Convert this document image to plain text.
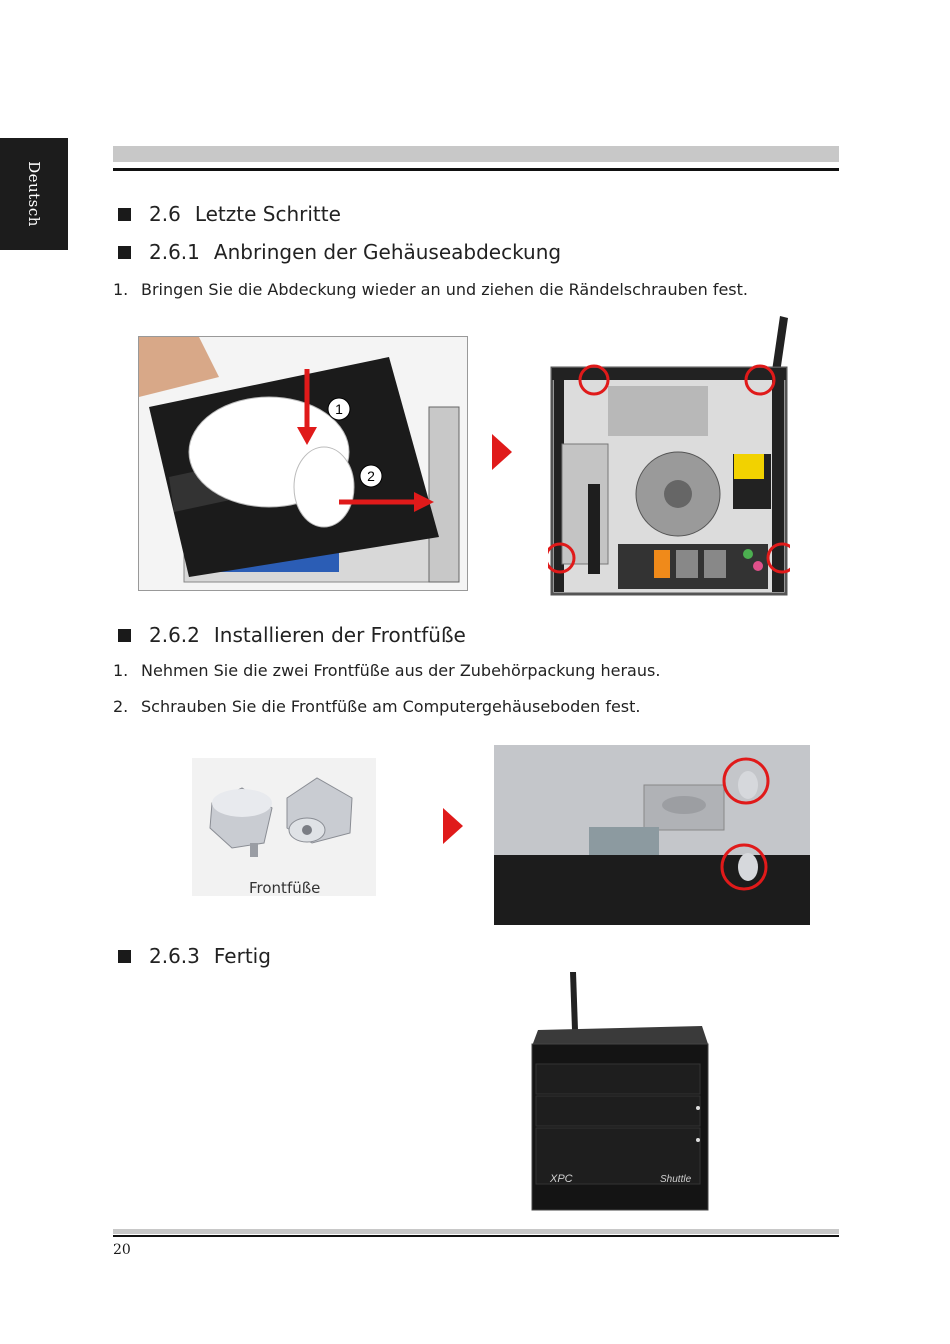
Deutsch	2.6 Letzte Schritte
2.6.1 Anbringen der Gehäuseabdeckung
1. Bringen Sie die Abdeckung wieder an und ziehen die Rändelschrauben fest.
1
2
2.6.2 Installieren der Frontfüße
1. Nehmen Sie die zwei Frontfüße aus der Zubehörpackung heraus.
2. Schrauben Sie die Frontfüße am Computergehäuseboden fest.
Frontfüße
2.6.3 Fertig
XPC	Shuttle
20
